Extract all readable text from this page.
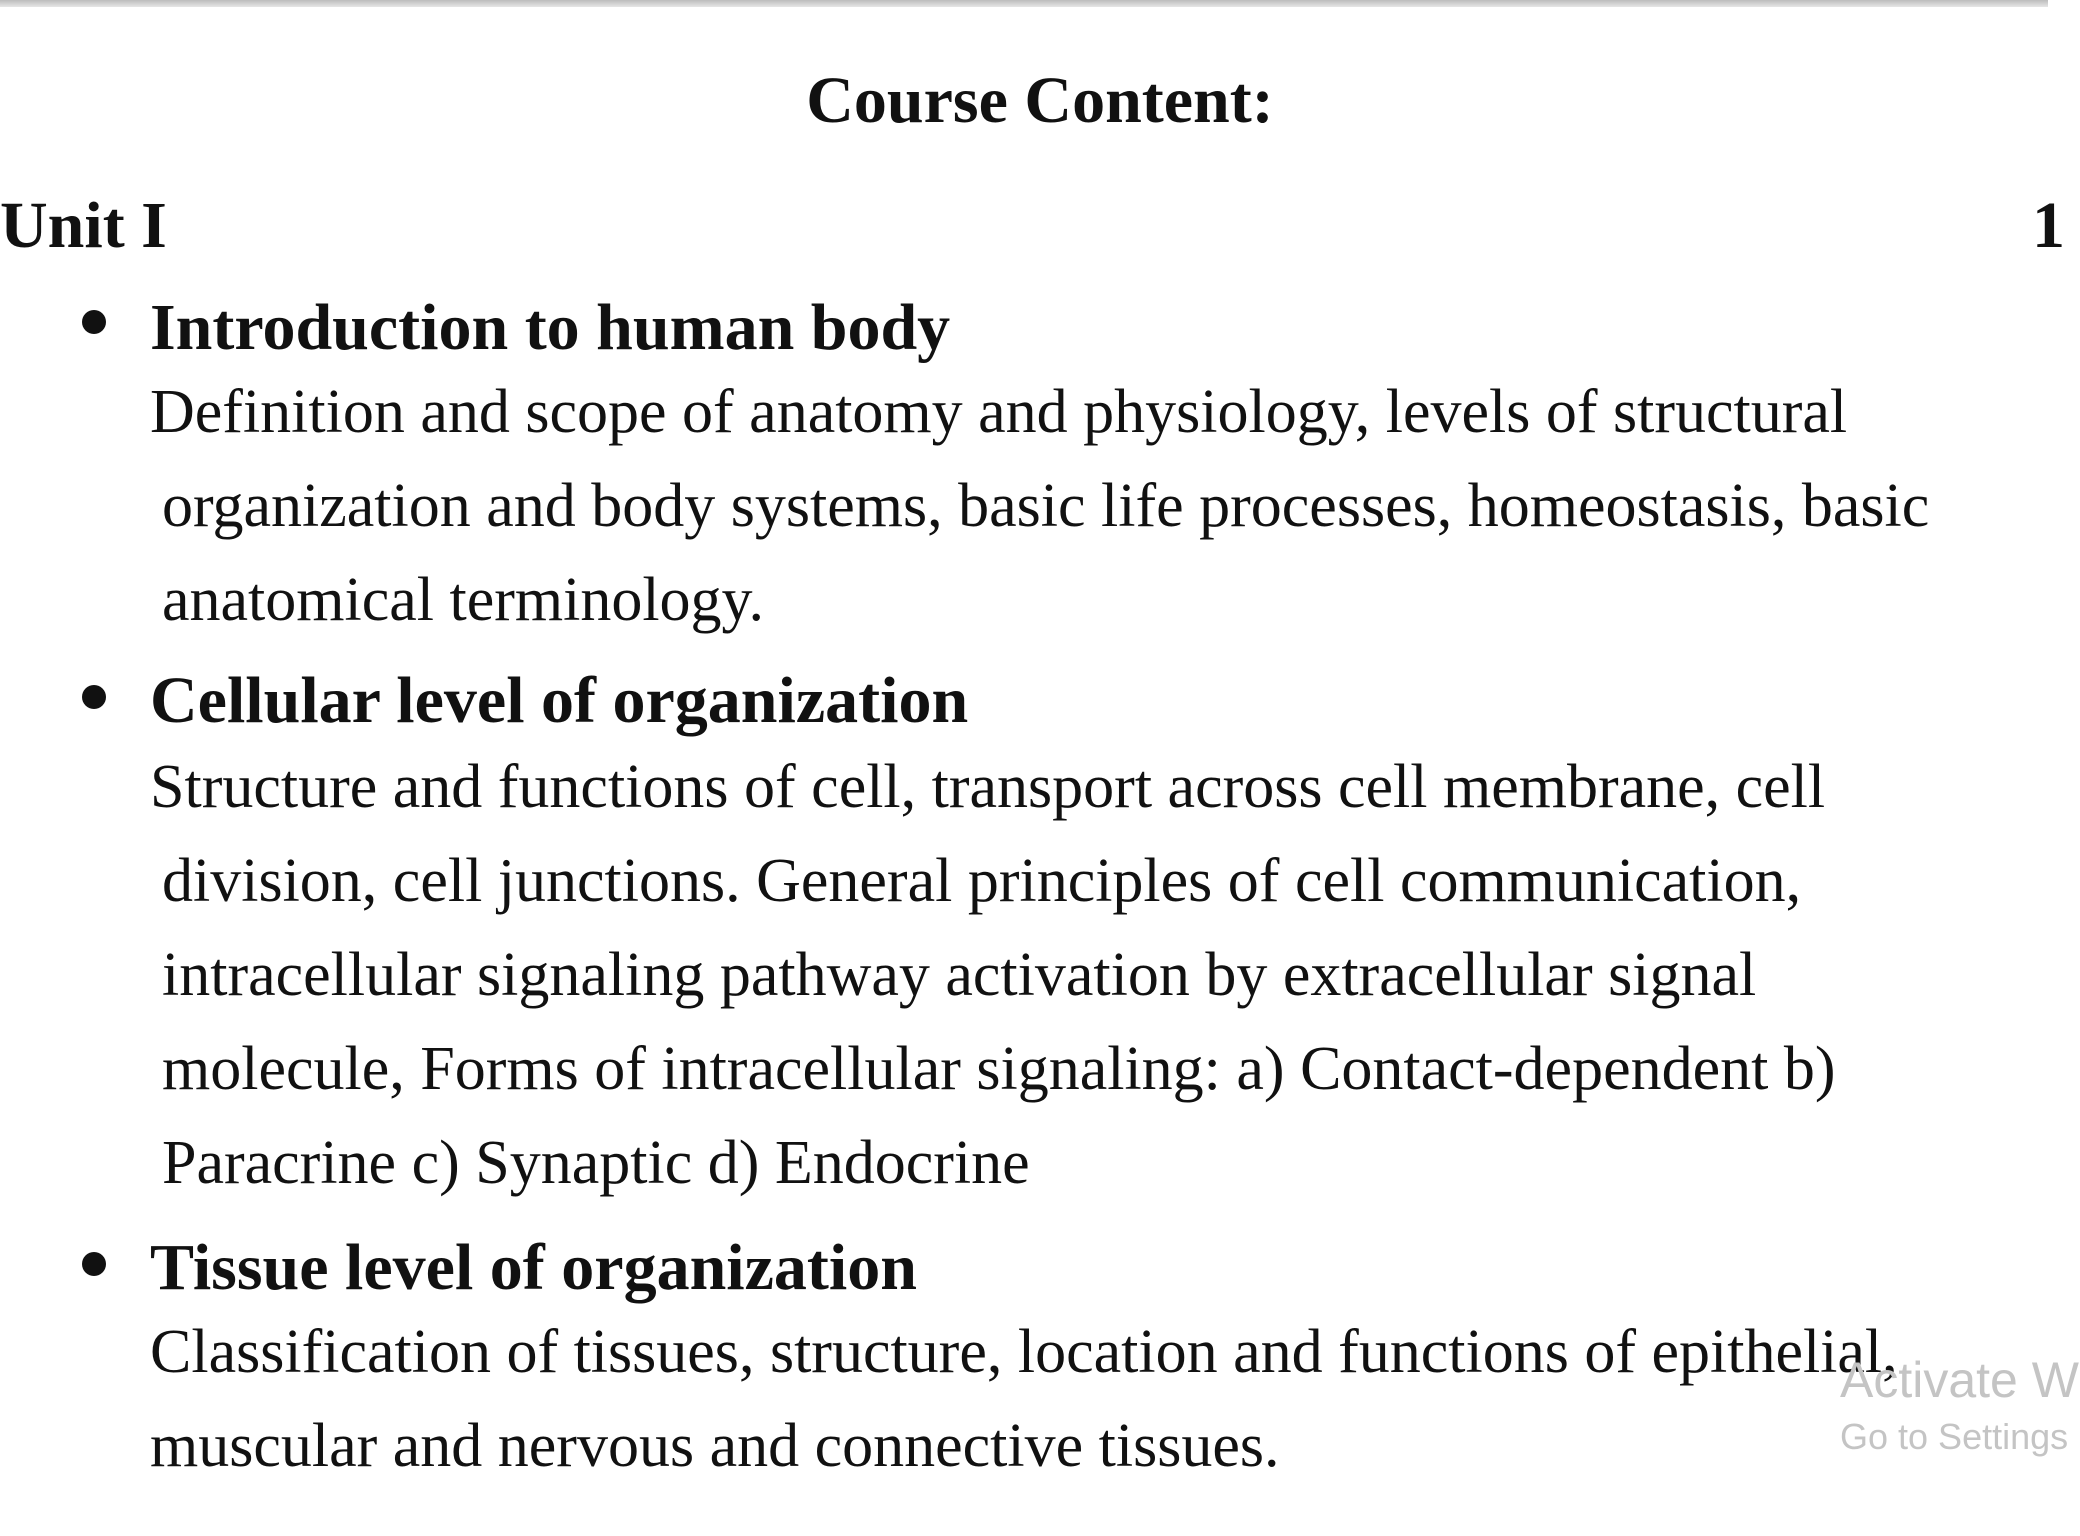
Course Content:
Unit I	1
Introduction to human body
Definition and scope of anatomy and physiology, levels of structural
organization and body systems, basic life processes, homeostasis, basic
anatomical terminology.
Cellular level of organization
Structure and functions of cell, transport across cell membrane, cell
division, cell junctions. General principles of cell communication,
intracellular signaling pathway activation by extracellular signal
molecule, Forms of intracellular signaling: a) Contact-dependent b)
Paracrine c) Synaptic d) Endocrine
Tissue level of organization
Classification of tissues, structure, location and functions of epithelial,
muscular and nervous and connective tissues.
Activate W
Go to Settings
